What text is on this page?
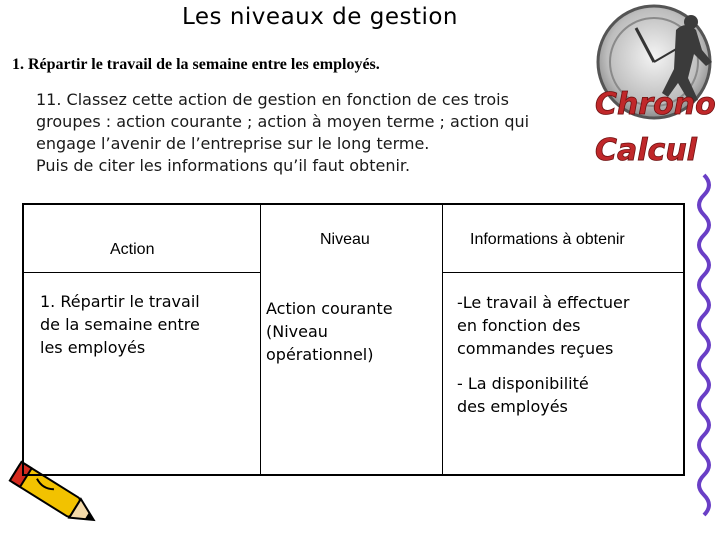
Chrono
Calcul
Les niveaux de gestion
1. Répartir le travail de la semaine entre les employés.
11. Classez cette action de gestion en fonction de ces trois
groupes : action courante ; action à moyen terme ; action qui
engage l’avenir de l’entreprise sur le long terme.
Puis de citer les informations qu’il faut obtenir.
Action
Niveau	Informations à obtenir
1. Répartir le travail
de la semaine entre
les employés
Action courante
(Niveau
opérationnel)
-Le travail à effectuer
en fonction des
commandes reçues
- La disponibilité
des employés
